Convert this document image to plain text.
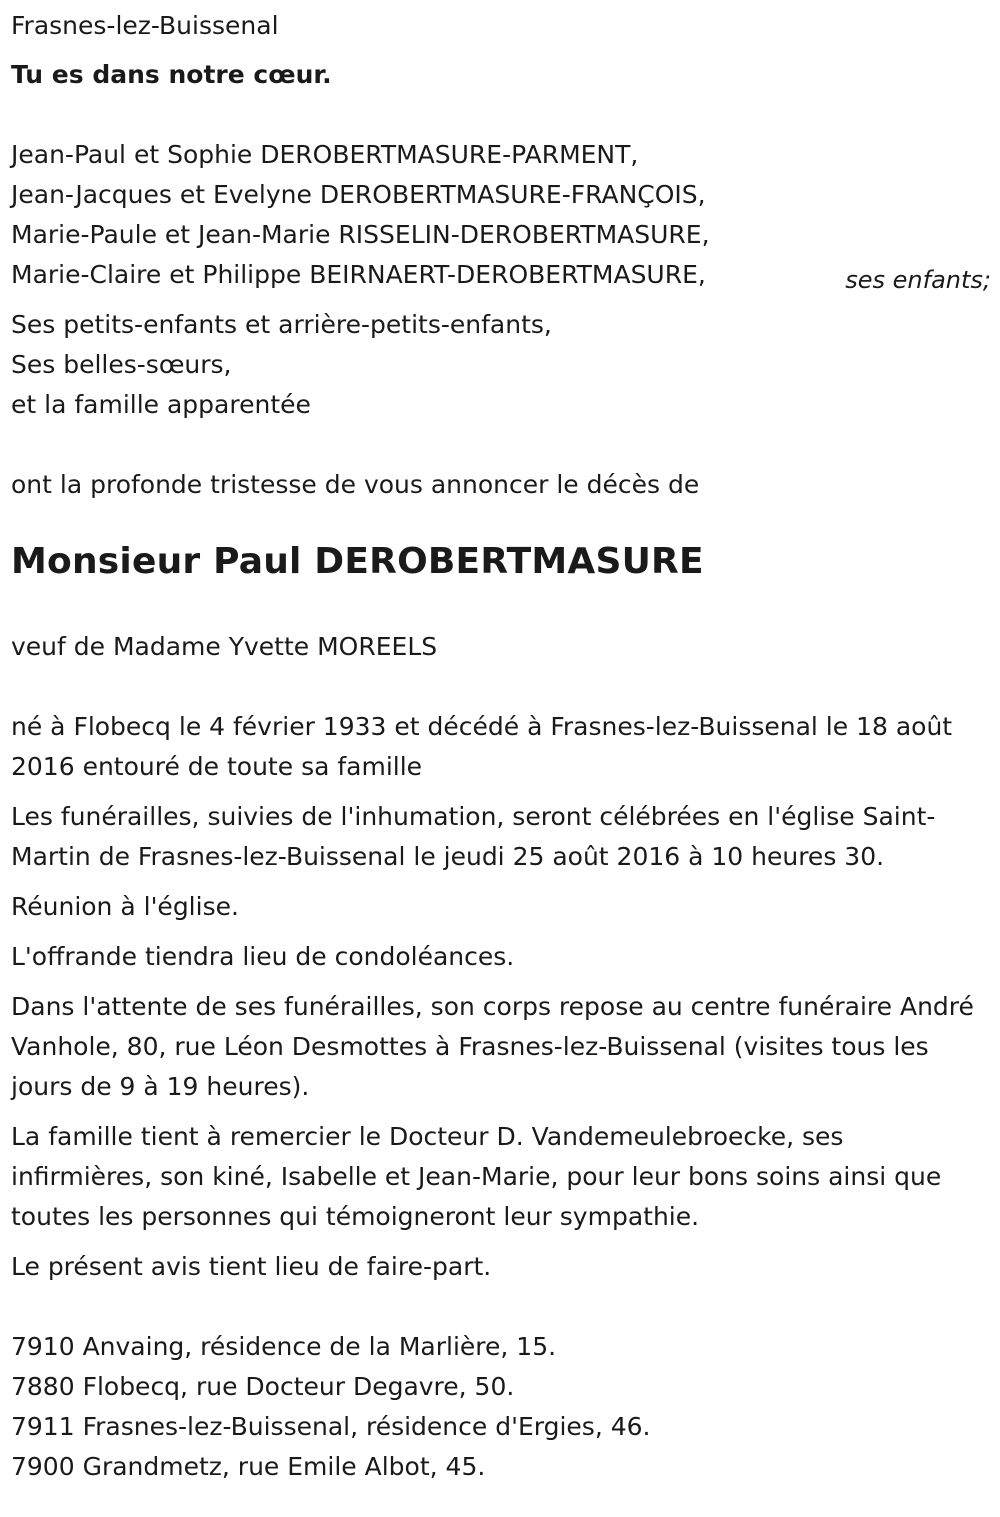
Frasnes-lez-Buissenal
Tu es dans notre cœur.
Jean-Paul et Sophie DEROBERTMASURE-PARMENT,
Jean-Jacques et Evelyne DEROBERTMASURE-FRANÇOIS,
Marie-Paule et Jean-Marie RISSELIN-DEROBERTMASURE,
Marie-Claire et Philippe BEIRNAERT-DEROBERTMASURE,	ses enfants;
Ses petits-enfants et arrière-petits-enfants,
Ses belles-sœurs,
et la famille apparentée
ont la profonde tristesse de vous annoncer le décès de
Monsieur Paul DEROBERTMASURE
veuf de Madame Yvette MOREELS
né à Flobecq le 4 février 1933 et décédé à Frasnes-lez-Buissenal le 18 août 2016 entouré de toute sa famille
Les funérailles, suivies de l'inhumation, seront célébrées en l'église Saint-Martin de Frasnes-lez-Buissenal le jeudi 25 août 2016 à 10 heures 30.
Réunion à l'église.
L'offrande tiendra lieu de condoléances.
Dans l'attente de ses funérailles, son corps repose au centre funéraire André Vanhole, 80, rue Léon Desmottes à Frasnes-lez-Buissenal (visites tous les jours de 9 à 19 heures).
La famille tient à remercier le Docteur D. Vandemeulebroecke, ses infirmières, son kiné, Isabelle et Jean-Marie, pour leur bons soins ainsi que toutes les personnes qui témoigneront leur sympathie.
Le présent avis tient lieu de faire-part.
7910 Anvaing, résidence de la Marlière, 15.
7880 Flobecq, rue Docteur Degavre, 50.
7911 Frasnes-lez-Buissenal, résidence d'Ergies, 46.
7900 Grandmetz, rue Emile Albot, 45.
